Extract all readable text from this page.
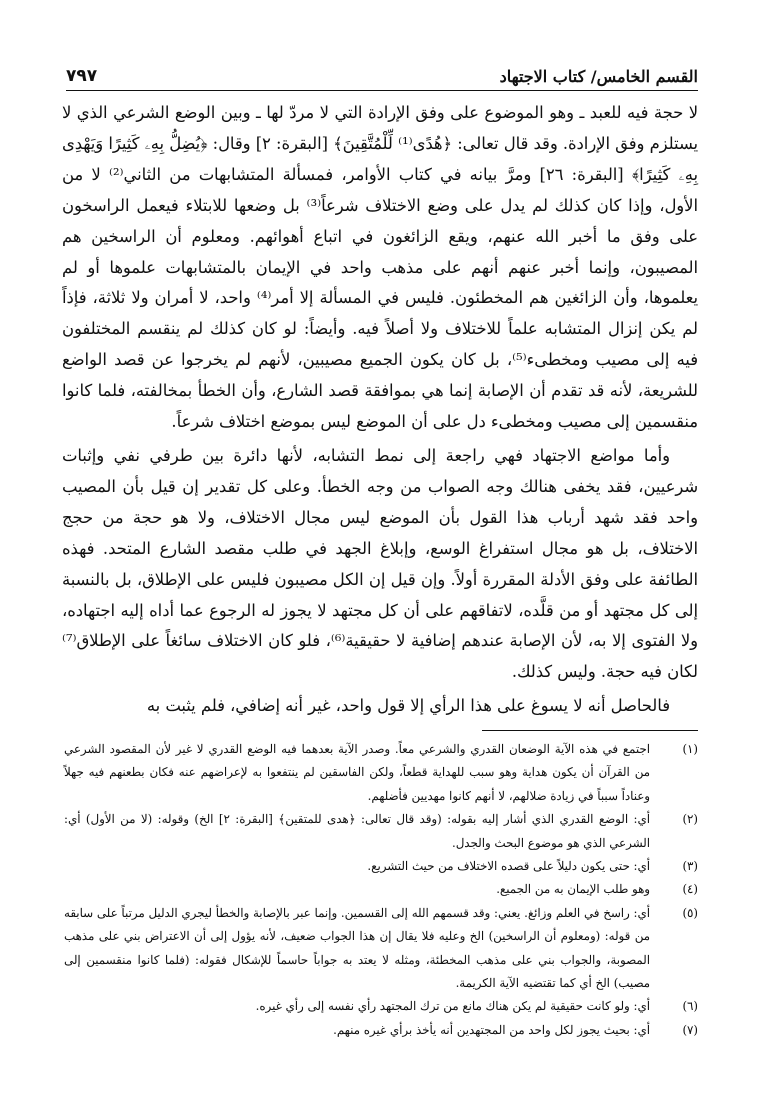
القسم الخامس/ كتاب الاجتهاد
٧٩٧

لا حجة فيه للعبد ـ وهو الموضوع على وفق الإرادة التي لا مردّ لها ـ وبين الوضع الشرعي الذي لا يستلزم وفق الإرادة. وقد قال تعالى: ﴿هُدًى⁽¹⁾ لِّلْمُتَّقِينَ﴾ [البقرة: ٢] وقال: ﴿يُضِلُّ بِهِۦ كَثِيرًا وَيَهْدِى بِهِۦ كَثِيرًا﴾ [البقرة: ٢٦] ومرَّ بيانه في كتاب الأوامر، فمسألة المتشابهات من الثاني⁽²⁾ لا من الأول، وإذا كان كذلك لم يدل على وضع الاختلاف شرعاً⁽³⁾ بل وضعها للابتلاء فيعمل الراسخون على وفق ما أخبر الله عنهم، ويقع الزائغون في اتباع أهوائهم. ومعلوم أن الراسخين هم المصيبون، وإنما أخبر عنهم أنهم على مذهب واحد في الإيمان بالمتشابهات علموها أو لم يعلموها، وأن الزائغين هم المخطئون. فليس في المسألة إلا أمر⁽⁴⁾ واحد، لا أمران ولا ثلاثة، فإذاً لم يكن إنزال المتشابه علماً للاختلاف ولا أصلاً فيه. وأيضاً: لو كان كذلك لم ينقسم المختلفون فيه إلى مصيب ومخطىء⁽⁵⁾، بل كان يكون الجميع مصيبين، لأنهم لم يخرجوا عن قصد الواضع للشريعة، لأنه قد تقدم أن الإصابة إنما هي بموافقة قصد الشارع، وأن الخطأ بمخالفته، فلما كانوا منقسمين إلى مصيب ومخطىء دل على أن الموضع ليس بموضع اختلاف شرعاً.

وأما مواضع الاجتهاد فهي راجعة إلى نمط التشابه، لأنها دائرة بين طرفي نفي وإثبات شرعيين، فقد يخفى هنالك وجه الصواب من وجه الخطأ. وعلى كل تقدير إن قيل بأن المصيب واحد فقد شهد أرباب هذا القول بأن الموضع ليس مجال الاختلاف، ولا هو حجة من حجج الاختلاف، بل هو مجال استفراغ الوسع، وإبلاغ الجهد في طلب مقصد الشارع المتحد. فهذه الطائفة على وفق الأدلة المقررة أولاً. وإن قيل إن الكل مصيبون فليس على الإطلاق، بل بالنسبة إلى كل مجتهد أو من قلَّده، لاتفاقهم على أن كل مجتهد لا يجوز له الرجوع عما أداه إليه اجتهاده، ولا الفتوى إلا به، لأن الإصابة عندهم إضافية لا حقيقية⁽⁶⁾، فلو كان الاختلاف سائغاً على الإطلاق⁽⁷⁾ لكان فيه حجة. وليس كذلك.

فالحاصل أنه لا يسوغ على هذا الرأي إلا قول واحد، غير أنه إضافي، فلم يثبت به

(١)
اجتمع في هذه الآية الوضعان القدري والشرعي معاً. وصدر الآية بعدهما فيه الوضع القدري لا غير لأن المقصود الشرعي من القرآن أن يكون هداية وهو سبب للهداية قطعاً، ولكن الفاسقين لم ينتفعوا به لإعراضهم عنه فكان بطعنهم فيه جهلاً وعناداً سبباً في زيادة ضلالهم، لا أنهم كانوا مهديين فأضلهم.
(٢)
أي: الوضع القدري الذي أشار إليه بقوله: (وقد قال تعالى: ﴿هدى للمتقين﴾ [البقرة: ٢] الخ) وقوله: (لا من الأول) أي: الشرعي الذي هو موضوع البحث والجدل.
(٣)
أي: حتى يكون دليلاً على قصده الاختلاف من حيث التشريع.
(٤)
وهو طلب الإيمان به من الجميع.
(٥)
أي: راسخ في العلم وزائغ. يعني: وقد قسمهم الله إلى القسمين. وإنما عبر بالإصابة والخطأ ليجري الدليل مرتباً على سابقه من قوله: (ومعلوم أن الراسخين) الخ وعليه فلا يقال إن هذا الجواب ضعيف، لأنه يؤول إلى أن الاعتراض بني على مذهب المصوبة، والجواب بني على مذهب المخطئة، ومثله لا يعتد به جواباً حاسماً للإشكال فقوله: (فلما كانوا منقسمين إلى مصيب) الخ أي كما تقتضيه الآية الكريمة.
(٦)
أي: ولو كانت حقيقية لم يكن هناك مانع من ترك المجتهد رأي نفسه إلى رأي غيره.
(٧)
أي: بحيث يجوز لكل واحد من المجتهدين أنه يأخذ برأي غيره منهم.
